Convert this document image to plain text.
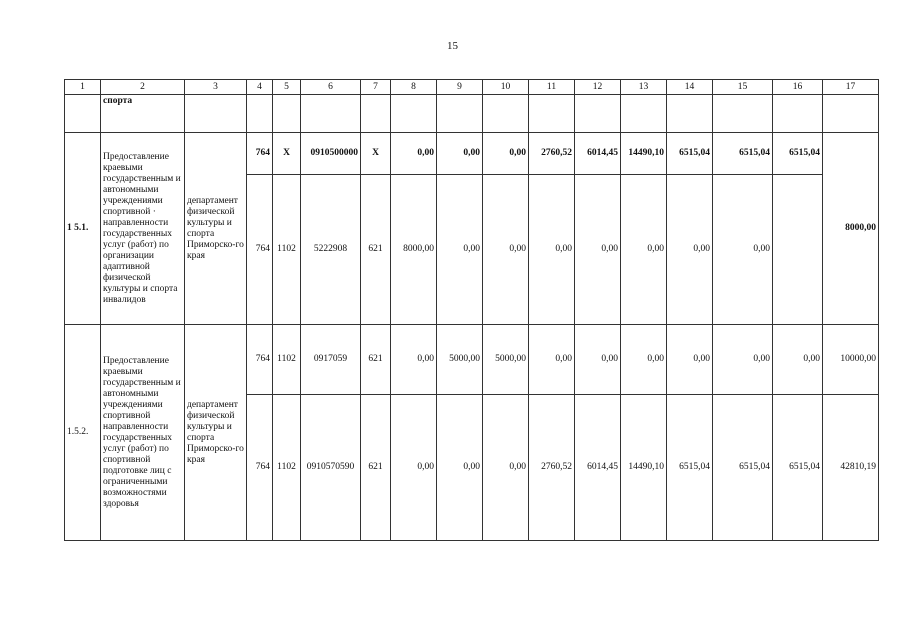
15
1	2	3	4	5	6	7	8	9	10	11	12	13	14	15	16	17
	спорта															
1 5.1.	Предоставление краевыми государственным и автономными учреждениями спортивной · направленности государственных услуг (работ) по организации адаптивной физической культуры и спорта инвалидов	департамент физической культуры и спорта Приморско-го края	764	X	0910500000	X	0,00	0,00	0,00	2760,52	6014,45	14490,10	6515,04	6515,04	6515,04	8000,00
			764	1102	5222908	621	8000,00	0,00	0,00	0,00	0,00	0,00	0,00	0,00		
1.5.2.	Предоставление краевыми государственным и автономными учреждениями спортивной направленности государственных услуг (работ) по спортивной подготовке лиц с ограниченными возможностями здоровья	департамент физической культуры и спорта Приморско-го края	764	1102	0917059	621	0,00	5000,00	5000,00	0,00	0,00	0,00	0,00	0,00	0,00	10000,00
			764	1102	0910570590	621	0,00	0,00	0,00	2760,52	6014,45	14490,10	6515,04	6515,04	6515,04	42810,19
